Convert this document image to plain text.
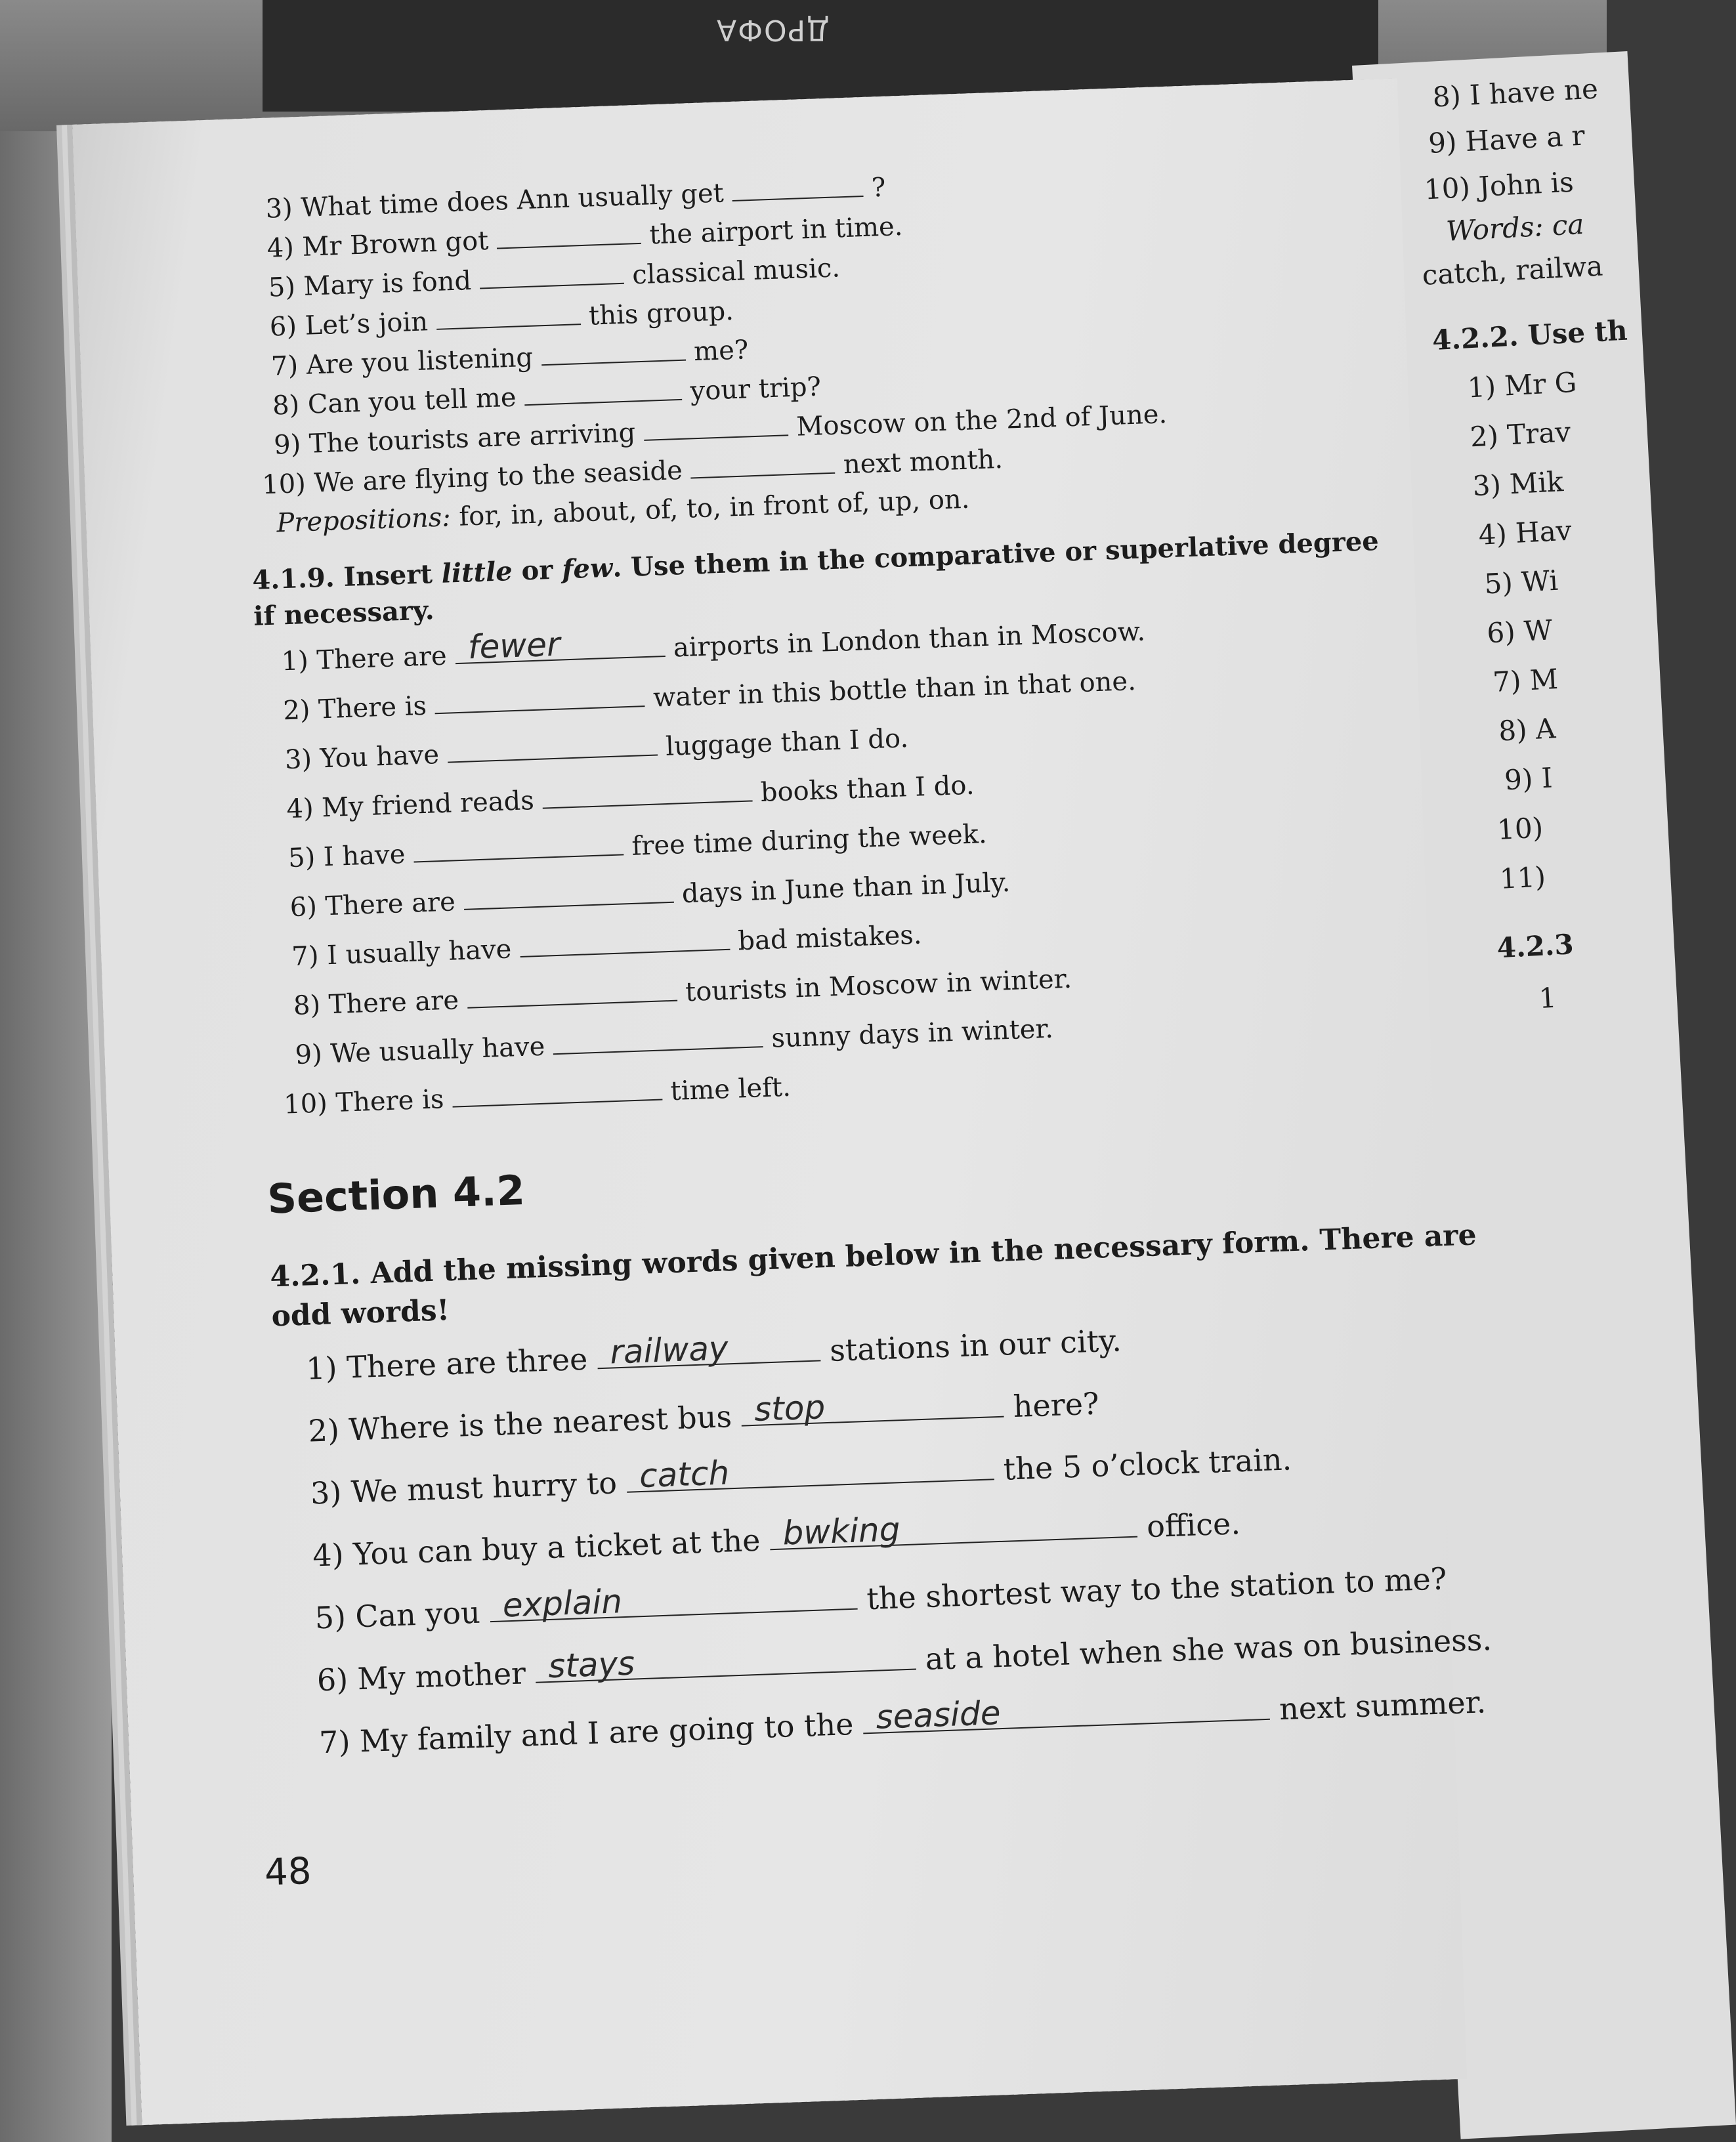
ДРОФА
8) I have ne
9) Have a r
10) John is
Words: ca
catch, railwa
4.2.2. Use th
1) Mr G
2) Trav
3) Mik
4) Hav
5) Wi
6) W
7) M
8) A
9) I
10)
11)
4.2.3
1
3) What time does Ann usually get	?
4) Mr Brown got	the airport in time.
5) Mary is fond	classical music.
6) Let’s join	this group.
7) Are you listening	me?
8) Can you tell me	your trip?
9) The tourists are arriving	Moscow on the 2nd of June.
10) We are flying to the seaside	next month.
Prepositions: for, in, about, of, to, in front of, up, on.
4.1.9. Insert little or few. Use them in the comparative or superlative degree
if necessary.
1) There are fewer	airports in London than in Moscow.
2) There is	water in this bottle than in that one.
3) You have	luggage than I do.
4) My friend reads	books than I do.
5) I have	free time during the week.
6) There are	days in June than in July.
7) I usually have	bad mistakes.
8) There are	tourists in Moscow in winter.
9) We usually have	sunny days in winter.
10) There is	time left.
Section 4.2
4.2.1. Add the missing words given below in the necessary form. There are
odd words!
1) There are three railway	stations in our city.
2) Where is the nearest bus stop	here?
3) We must hurry to catch	the 5 o’clock train.
4) You can buy a ticket at the bwking	office.
5) Can you explain	the shortest way to the station to me?
6) My mother stays	at a hotel when she was on business.
7) My family and I are going to the seaside	next summer.
48
